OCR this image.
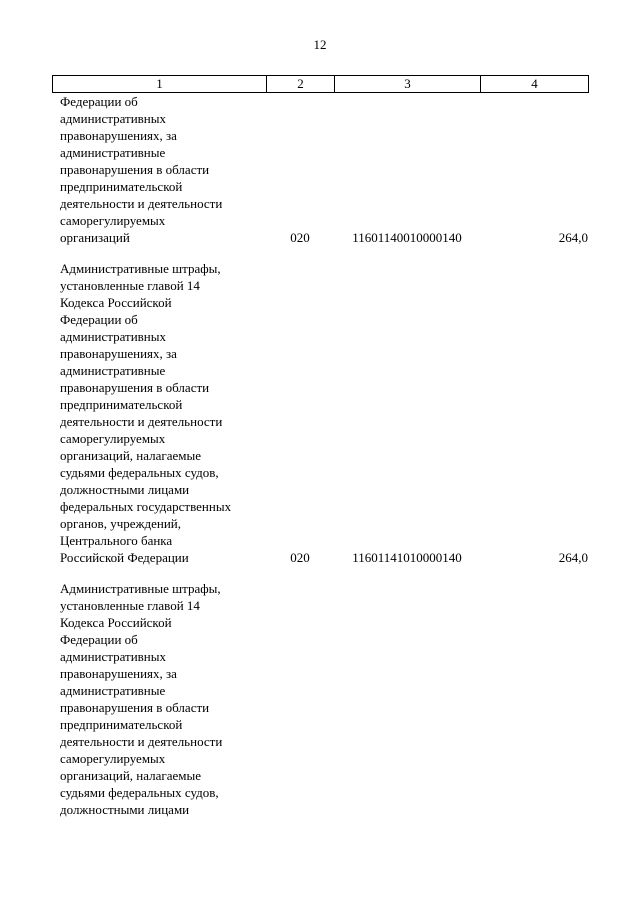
12
1	2	3	4
Федерации об
административных
правонарушениях, за
административные
правонарушения в области
предпринимательской
деятельности и деятельности
саморегулируемых
организаций	020	11601140010000140	264,0
Административные штрафы,
установленные главой 14
Кодекса Российской
Федерации об
административных
правонарушениях, за
административные
правонарушения в области
предпринимательской
деятельности и деятельности
саморегулируемых
организаций, налагаемые
судьями федеральных судов,
должностными лицами
федеральных государственных
органов, учреждений,
Центрального банка
Российской Федерации	020	11601141010000140	264,0
Административные штрафы,
установленные главой 14
Кодекса Российской
Федерации об
административных
правонарушениях, за
административные
правонарушения в области
предпринимательской
деятельности и деятельности
саморегулируемых
организаций, налагаемые
судьями федеральных судов,
должностными лицами
